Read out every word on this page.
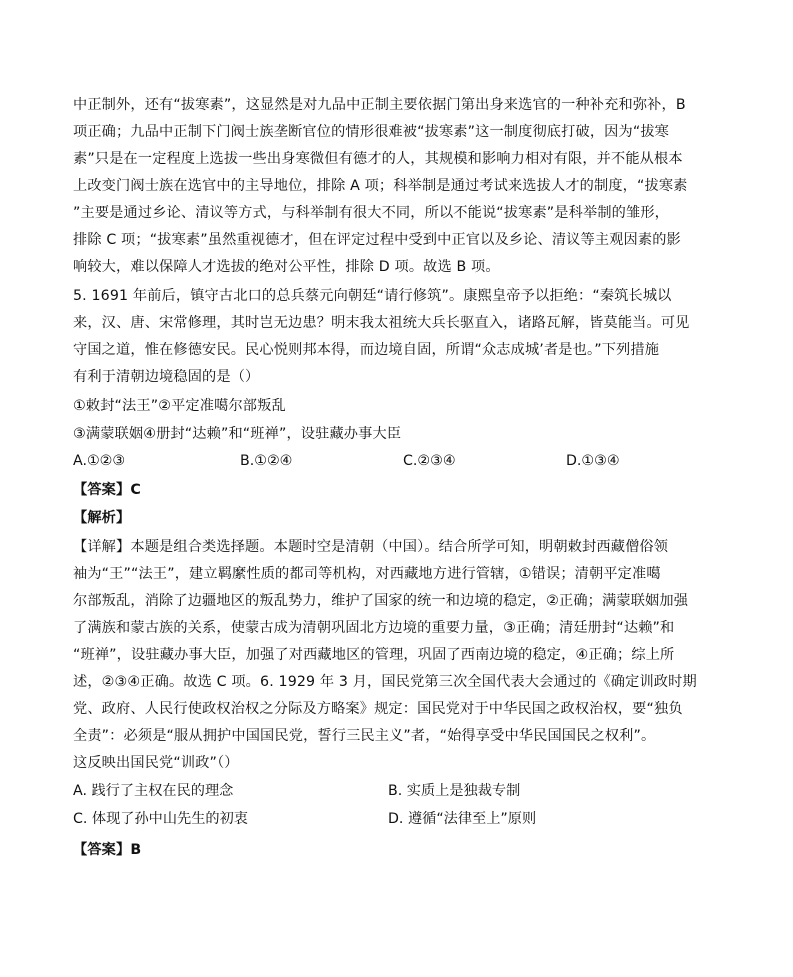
中正制外，还有“拔寒素”，这显然是对九品中正制主要依据门第出身来选官的一种补充和弥补，B
项正确；九品中正制下门阀士族垄断官位的情形很难被“拔寒素”这一制度彻底打破，因为“拔寒
素”只是在一定程度上选拔一些出身寒微但有德才的人，其规模和影响力相对有限，并不能从根本
上改变门阀士族在选官中的主导地位，排除 A 项；科举制是通过考试来选拔人才的制度，“拔寒素
”主要是通过乡论、清议等方式，与科举制有很大不同，所以不能说“拔寒素”是科举制的雏形，
排除 C 项；“拔寒素”虽然重视德才，但在评定过程中受到中正官以及乡论、清议等主观因素的影
响较大，难以保障人才选拔的绝对公平性，排除 D 项。故选 B 项。
5. 1691 年前后，镇守古北口的总兵蔡元向朝廷“请行修筑”。康熙皇帝予以拒绝：“秦筑长城以
来，汉、唐、宋常修理，其时岂无边患？明末我太祖统大兵长驱直入，诸路瓦解，皆莫能当。可见
守国之道，惟在修德安民。民心悦则邦本得，而边境自固，所谓“众志成城’者是也。”下列措施
有利于清朝边境稳固的是（）
①敕封“法王”②平定准噶尔部叛乱
③满蒙联姻④册封“达赖”和“班禅”，设驻藏办事大臣
A.①②③	B.①②④	C.②③④	D.①③④
【答案】C
【解析】
【详解】本题是组合类选择题。本题时空是清朝（中国）。结合所学可知，明朝敕封西藏僧俗领
袖为“王”“法王”，建立羁縻性质的都司等机构，对西藏地方进行管辖，①错误；清朝平定准噶
尔部叛乱，消除了边疆地区的叛乱势力，维护了国家的统一和边境的稳定，②正确；满蒙联姻加强
了满族和蒙古族的关系，使蒙古成为清朝巩固北方边境的重要力量，③正确；清廷册封“达赖”和
“班禅”，设驻藏办事大臣，加强了对西藏地区的管理，巩固了西南边境的稳定，④正确；综上所
述，②③④正确。故选 C 项。6. 1929 年 3 月，国民党第三次全国代表大会通过的《确定训政时期
党、政府、人民行使政权治权之分际及方略案》规定：国民党对于中华民国之政权治权，要“独负
全责”：必须是“服从拥护中国国民党，誓行三民主义”者，“始得享受中华民国国民之权利”。
这反映出国民党“训政”（）
A. 践行了主权在民的理念	B. 实质上是独裁专制
C. 体现了孙中山先生的初衷	D. 遵循“法律至上”原则
【答案】B
